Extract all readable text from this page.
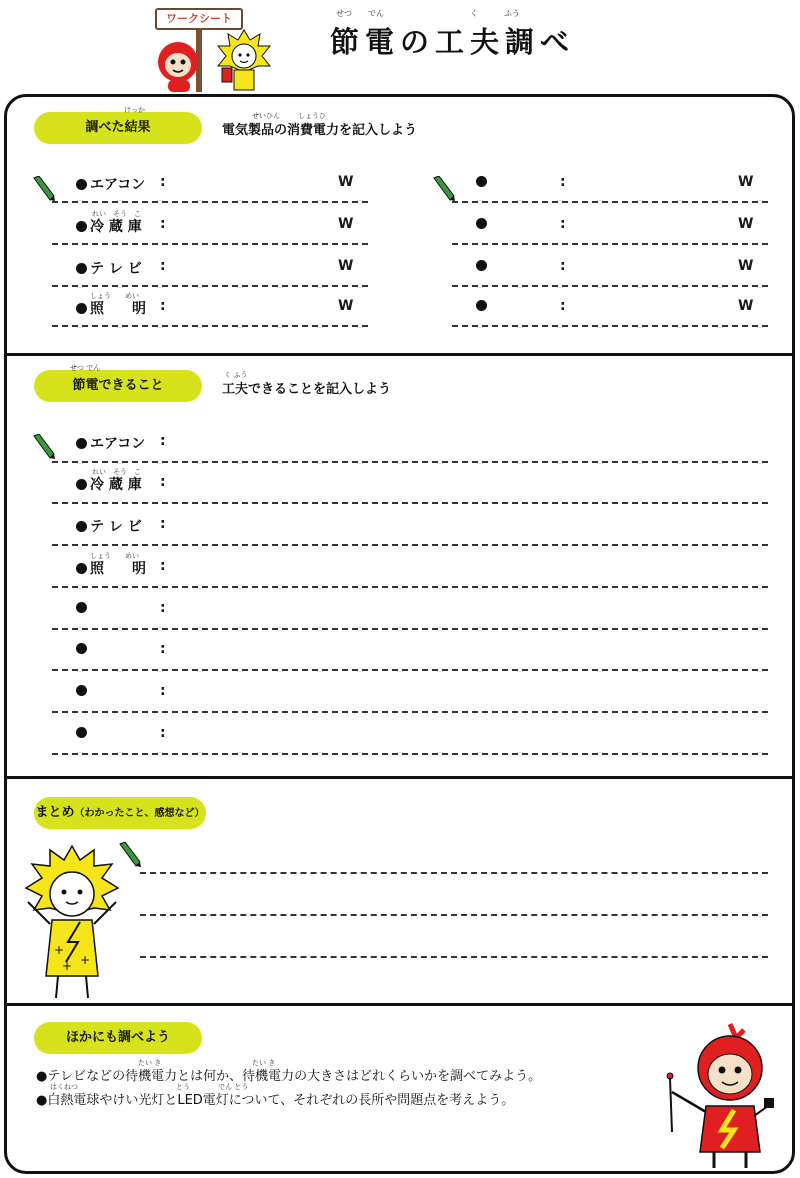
ワークシート	せつ でん	く	ふう
節電の工夫調べ
調べた結果
けっか
せいひん	しょうひ
電気製品の消費電力を記入しよう
エアコン :	W
れい　そう　こ
冷 蔵 庫 :	W
テ レ ビ :	W
しょう　　めい
照　　明 :	W
:	W
:	W
:	W
:	W
節電できること
せつ でん
く ふう
工夫できることを記入しよう
エアコン :
れい　そう　こ
冷 蔵 庫 :
テ レ ビ :
しょう　　めい
照　　明 :
:
:
:
:
まとめ（わかったこと、感想など）
+
+
+
ほかにも調べよう
たい き	たい き
●テレビなどの待機電力とは何か、待機電力の大きさはどれくらいかを調べてみよう。
はくねつ	とう	でん とう
●白熱電球やけい光灯とLED電灯について、それぞれの長所や問題点を考えよう。
